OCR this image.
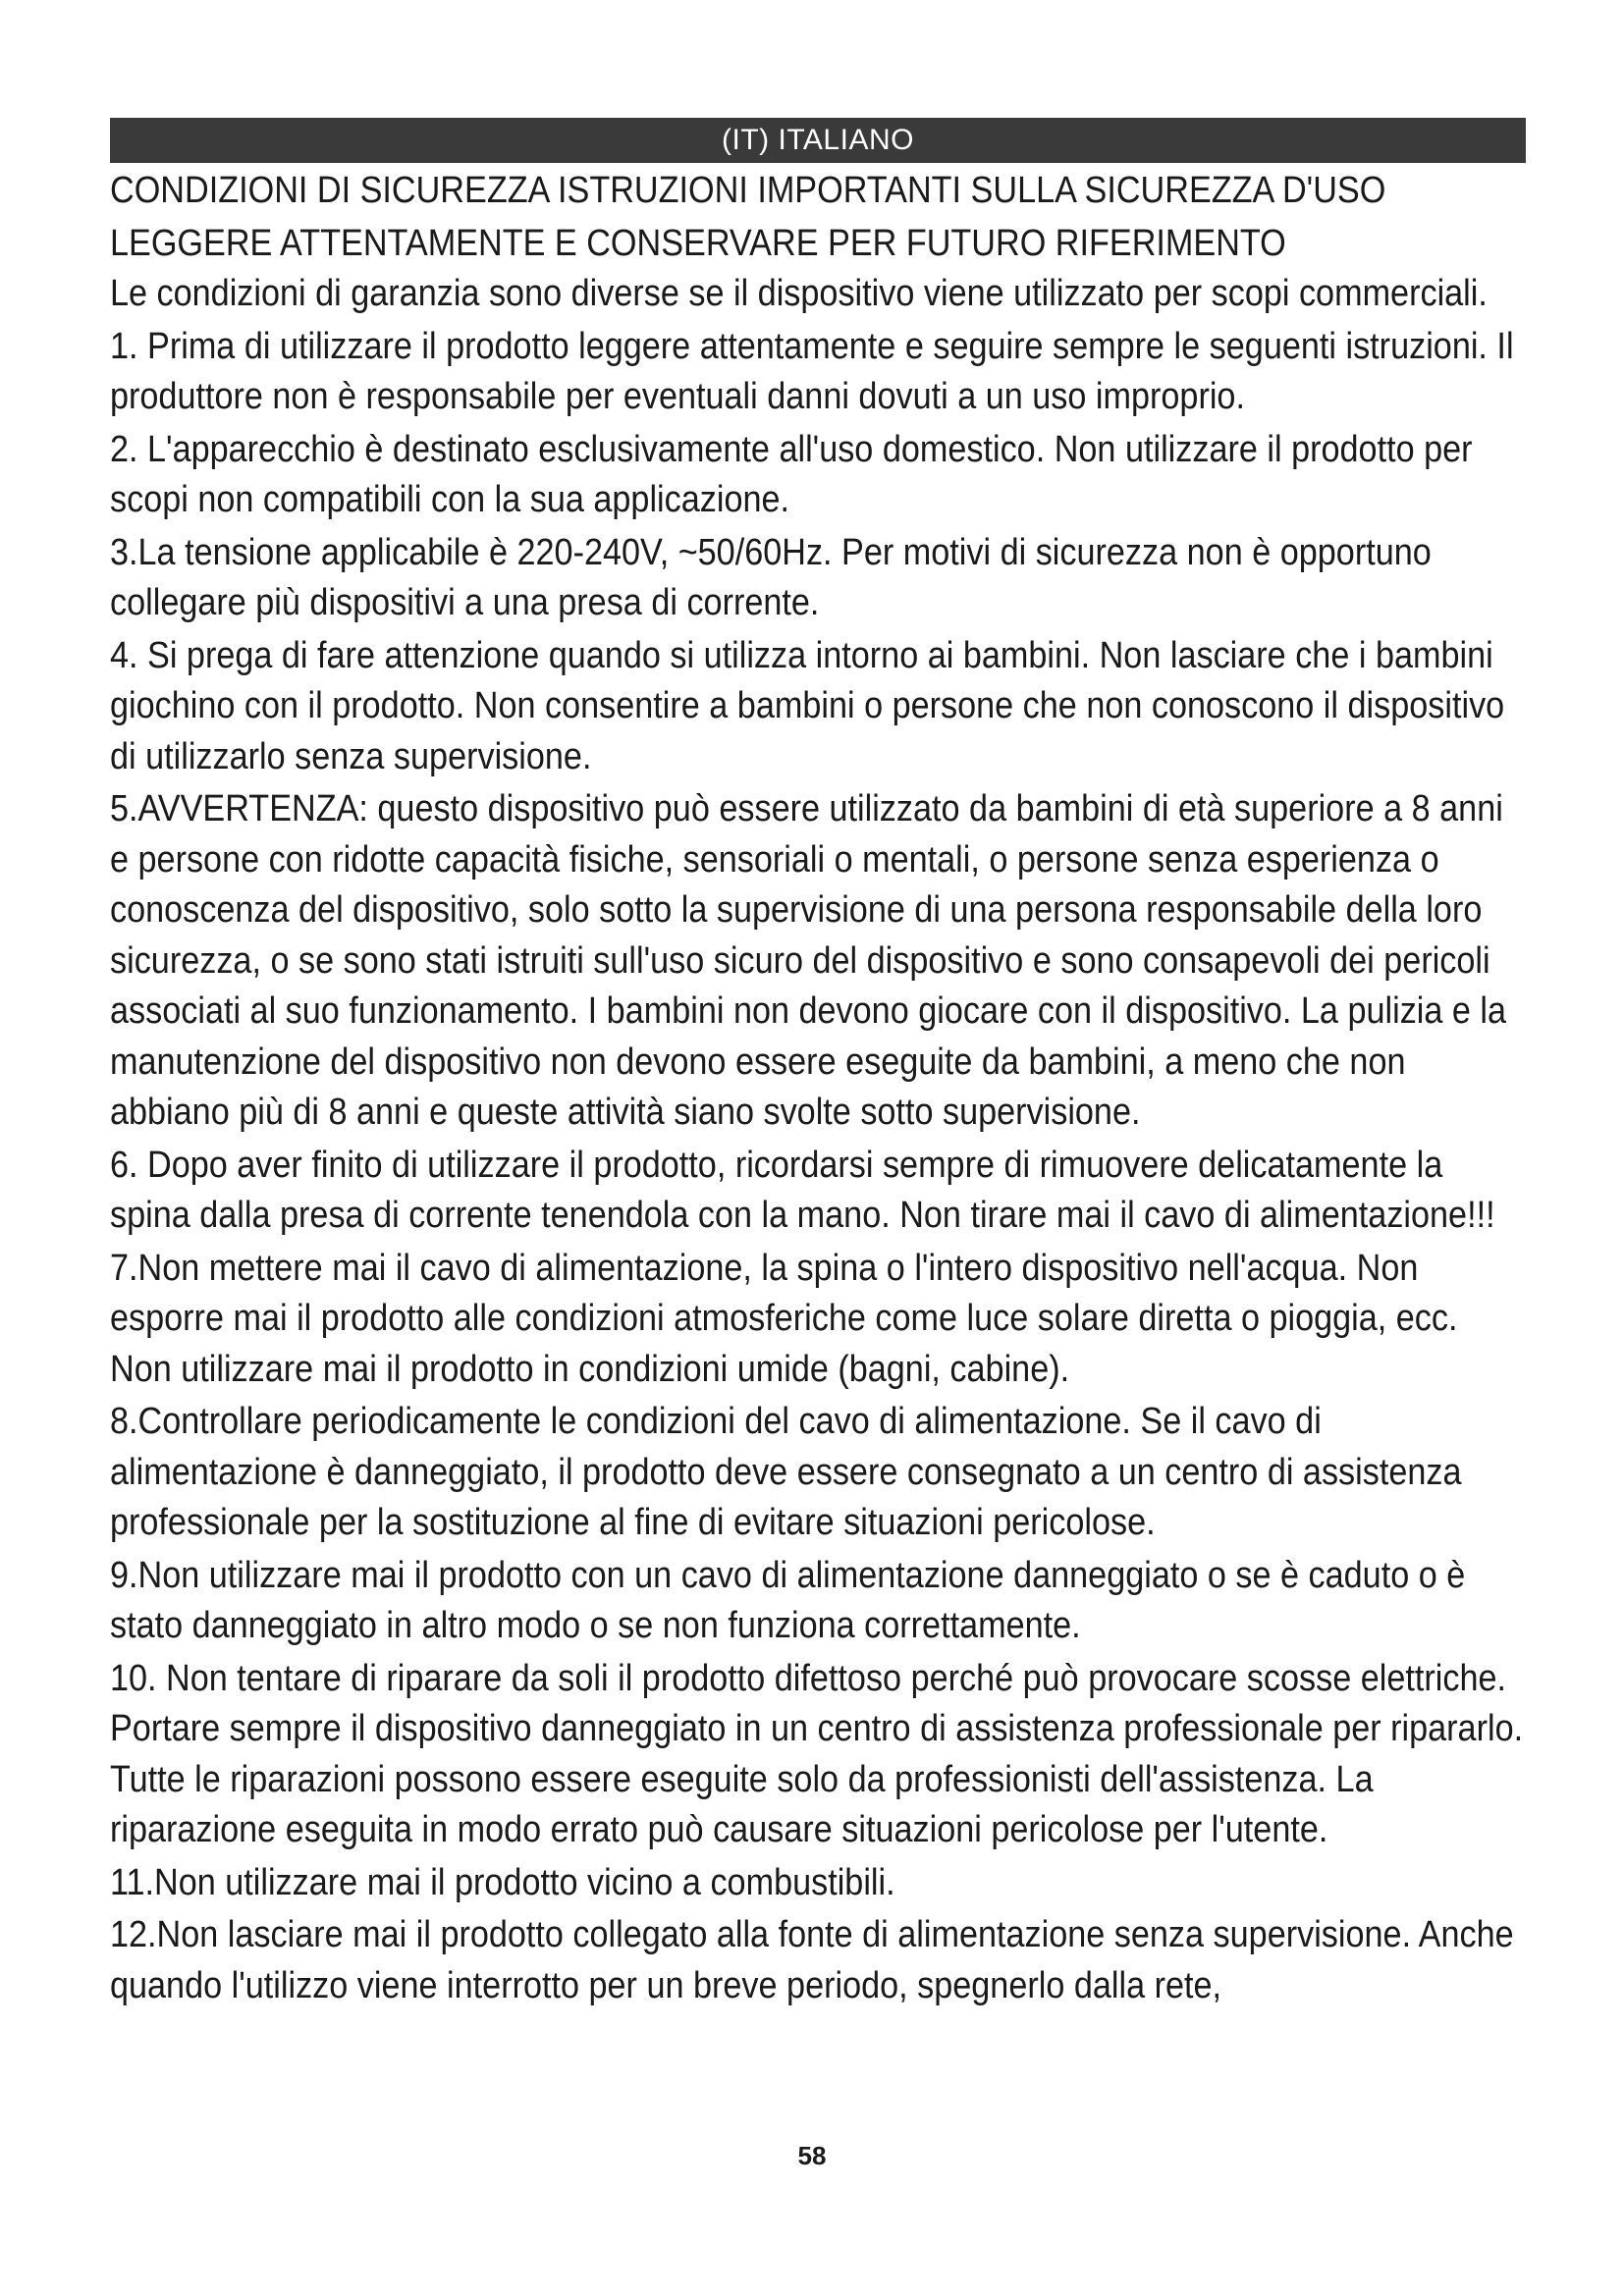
(IT) ITALIANO
CONDIZIONI DI SICUREZZA ISTRUZIONI IMPORTANTI SULLA SICUREZZA D'USO
LEGGERE ATTENTAMENTE E CONSERVARE PER FUTURO RIFERIMENTO

Le condizioni di garanzia sono diverse se il dispositivo viene utilizzato per scopi commerciali.

1. Prima di utilizzare il prodotto leggere attentamente e seguire sempre le seguenti istruzioni. Il produttore non è responsabile per eventuali danni dovuti a un uso improprio.

2. L'apparecchio è destinato esclusivamente all'uso domestico. Non utilizzare il prodotto per scopi non compatibili con la sua applicazione.

3.La tensione applicabile è 220-240V, ~50/60Hz. Per motivi di sicurezza non è opportuno collegare più dispositivi a una presa di corrente.

4. Si prega di fare attenzione quando si utilizza intorno ai bambini. Non lasciare che i bambini giochino con il prodotto. Non consentire a bambini o persone che non conoscono il dispositivo di utilizzarlo senza supervisione.

5.AVVERTENZA: questo dispositivo può essere utilizzato da bambini di età superiore a 8 anni e persone con ridotte capacità fisiche, sensoriali o mentali, o persone senza esperienza o conoscenza del dispositivo, solo sotto la supervisione di una persona responsabile della loro sicurezza, o se sono stati istruiti sull'uso sicuro del dispositivo e sono consapevoli dei pericoli associati al suo funzionamento. I bambini non devono giocare con il dispositivo. La pulizia e la manutenzione del dispositivo non devono essere eseguite da bambini, a meno che non abbiano più di 8 anni e queste attività siano svolte sotto supervisione.

6. Dopo aver finito di utilizzare il prodotto, ricordarsi sempre di rimuovere delicatamente la spina dalla presa di corrente tenendola con la mano. Non tirare mai il cavo di alimentazione!!!

7.Non mettere mai il cavo di alimentazione, la spina o l'intero dispositivo nell'acqua. Non esporre mai il prodotto alle condizioni atmosferiche come luce solare diretta o pioggia, ecc. Non utilizzare mai il prodotto in condizioni umide (bagni, cabine).

8.Controllare periodicamente le condizioni del cavo di alimentazione. Se il cavo di alimentazione è danneggiato, il prodotto deve essere consegnato a un centro di assistenza professionale per la sostituzione al fine di evitare situazioni pericolose.

9.Non utilizzare mai il prodotto con un cavo di alimentazione danneggiato o se è caduto o è stato danneggiato in altro modo o se non funziona correttamente.

10. Non tentare di riparare da soli il prodotto difettoso perché può provocare scosse elettriche. Portare sempre il dispositivo danneggiato in un centro di assistenza professionale per ripararlo. Tutte le riparazioni possono essere eseguite solo da professionisti dell'assistenza. La riparazione eseguita in modo errato può causare situazioni pericolose per l'utente.

11.Non utilizzare mai il prodotto vicino a combustibili.

12.Non lasciare mai il prodotto collegato alla fonte di alimentazione senza supervisione. Anche quando l'utilizzo viene interrotto per un breve periodo, spegnerlo dalla rete,

58
